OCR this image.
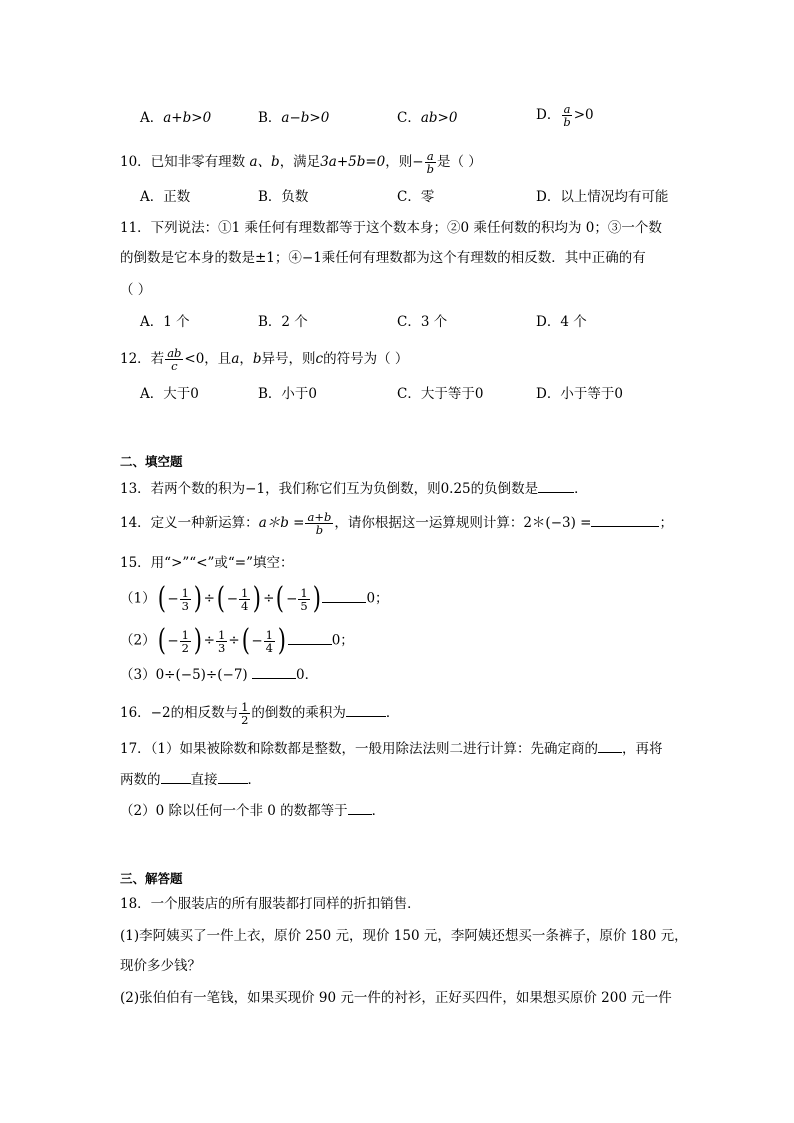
A．a+b>0	B．a−b>0	C．ab>0	D． $\frac{a}{b} >0$
10．已知非零有理数 a、b，满足3a+5b=0，则− $\frac{a}{b}$ 是（ ）
A．正数	B．负数	C．零	D．以上情况均有可能
11．下列说法：①1 乘任何有理数都等于这个数本身；②0 乘任何数的积均为 0；③一个数
的倒数是它本身的数是±1；④−1乘任何有理数都为这个有理数的相反数．其中正确的有
（ ）
A．1 个	B．2 个	C．3 个	D．4 个
12．若 $\frac{ab}{c} <0$，且a，b异号，则c的符号为（ ）
A．大于0	B．小于0	C．大于等于0	D．小于等于0
二、填空题
13．若两个数的积为−1，我们称它们互为负倒数，则0.25的负倒数是	．
14．定义一种新运算：a＊b = $\frac{a+b}{b}$ ，请你根据这一运算规则计算：2＊(−3) =	；
15．用“>”“<”或“=”填空：
（1） ( − $\frac{1}{3}$ ) ÷ ( − $\frac{1}{4}$ ) ÷ ( − $\frac{1}{5}$ )	0；
（2） ( − $\frac{1}{2}$ ) ÷ $\frac{1}{3}$ ÷ ( − $\frac{1}{4}$ )	0；
（3）0÷(−5)÷(−7)	0．
16．−2的相反数与 $\frac{1}{2}$ 的倒数的乘积为	．
17．（1）如果被除数和除数都是整数，一般用除法法则二进行计算：先确定商的 ，再将
两数的 直接 ．
（2）0 除以任何一个非 0 的数都等于 ．
三、解答题
18．一个服装店的所有服装都打同样的折扣销售．
(1)李阿姨买了一件上衣，原价 250 元，现价 150 元，李阿姨还想买一条裤子，原价 180 元，
现价多少钱？
(2)张伯伯有一笔钱，如果买现价 90 元一件的衬衫，正好买四件，如果想买原价 200 元一件
